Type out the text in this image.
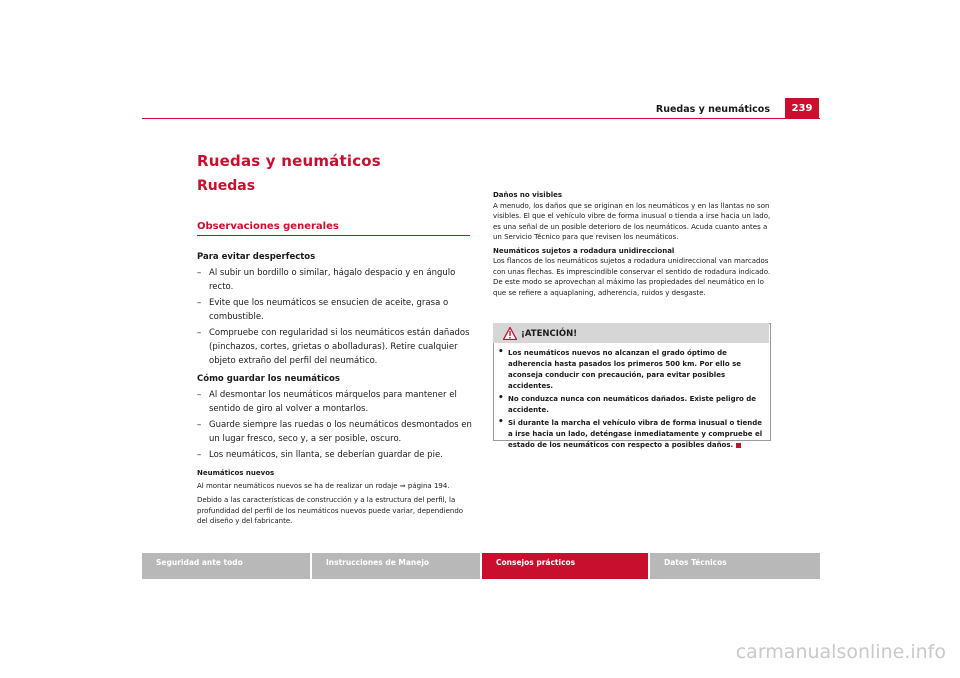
Ruedas y neumáticos	239
Ruedas y neumáticos
Ruedas
Observaciones generales
Para evitar desperfectos
– Al subir un bordillo o similar, hágalo despacio y en ángulo recto.
– Evite que los neumáticos se ensucien de aceite, grasa o combustible.
– Compruebe con regularidad si los neumáticos están dañados (pinchazos, cortes, grietas o abolladuras). Retire cualquier objeto extraño del perfil del neumático.
Cómo guardar los neumáticos
– Al desmontar los neumáticos márquelos para mantener el sentido de giro al volver a montarlos.
– Guarde siempre las ruedas o los neumáticos desmontados en un lugar fresco, seco y, a ser posible, oscuro.
– Los neumáticos, sin llanta, se deberían guardar de pie.
Neumáticos nuevos
Al montar neumáticos nuevos se ha de realizar un rodaje ⇒ página 194.
Debido a las características de construcción y a la estructura del perfil, la profundidad del perfil de los neumáticos nuevos puede variar, dependiendo del diseño y del fabricante.
Daños no visibles
A menudo, los daños que se originan en los neumáticos y en las llantas no son visibles. El que el vehículo vibre de forma inusual o tienda a irse hacia un lado, es una señal de un posible deterioro de los neumáticos. Acuda cuanto antes a un Servicio Técnico para que revisen los neumáticos.
Neumáticos sujetos a rodadura unidireccional
Los flancos de los neumáticos sujetos a rodadura unidireccional van marcados con unas flechas. Es imprescindible conservar el sentido de rodadura indicado. De este modo se aprovechan al máximo las propiedades del neumático en lo que se refiere a aquaplaning, adherencia, ruidos y desgaste.
¡ATENCIÓN!
• Los neumáticos nuevos no alcanzan el grado óptimo de adherencia hasta pasados los primeros 500 km. Por ello se aconseja conducir con precaución, para evitar posibles accidentes.
• No conduzca nunca con neumáticos dañados. Existe peligro de accidente.
• Si durante la marcha el vehículo vibra de forma inusual o tiende a irse hacia un lado, deténgase inmediatamente y compruebe el estado de los neumáticos con respecto a posibles daños.
Seguridad ante todo	Instrucciones de Manejo	Consejos prácticos	Datos Técnicos
carmanualsonline.info
